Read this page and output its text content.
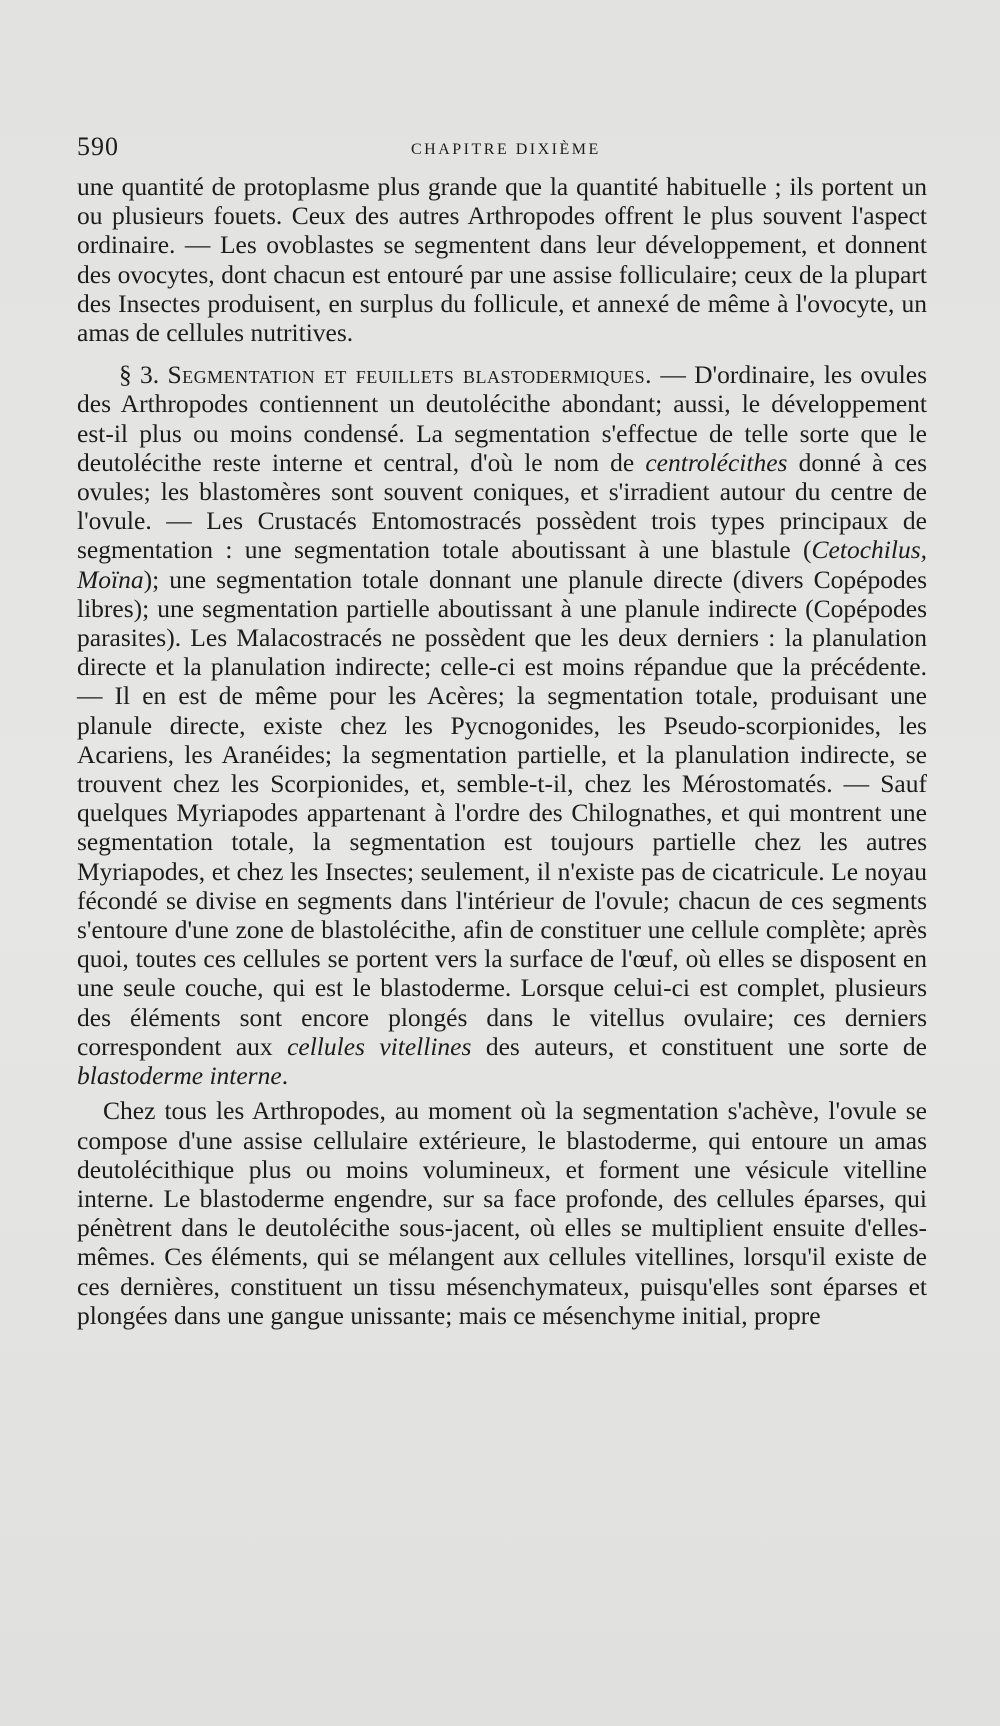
590	CHAPITRE DIXIÈME

une quantité de protoplasme plus grande que la quantité habituelle ; ils portent un ou plusieurs fouets. Ceux des autres Arthropodes offrent le plus souvent l'aspect ordinaire. — Les ovoblastes se segmentent dans leur développement, et donnent des ovocytes, dont chacun est entouré par une assise folliculaire; ceux de la plupart des Insectes produisent, en surplus du follicule, et annexé de même à l'ovocyte, un amas de cellules nutritives.

§ 3. Segmentation et feuillets blastodermiques. — D'ordinaire, les ovules des Arthropodes contiennent un deutolécithe abondant; aussi, le développement est-il plus ou moins condensé. La segmentation s'effectue de telle sorte que le deutolécithe reste interne et central, d'où le nom de centrolécithes donné à ces ovules; les blastomères sont souvent coniques, et s'irradient autour du centre de l'ovule. — Les Crustacés Entomostracés possèdent trois types principaux de segmentation : une segmentation totale aboutissant à une blastule (Cetochilus, Moïna); une segmentation totale donnant une planule directe (divers Copépodes libres); une segmentation partielle aboutissant à une planule indirecte (Copépodes parasites). Les Malacostracés ne possèdent que les deux derniers : la planulation directe et la planulation indirecte; celle-ci est moins répandue que la précédente. — Il en est de même pour les Acères; la segmentation totale, produisant une planule directe, existe chez les Pycnogonides, les Pseudo-scorpionides, les Acariens, les Aranéides; la segmentation partielle, et la planulation indirecte, se trouvent chez les Scorpionides, et, semble-t-il, chez les Mérostomatés. — Sauf quelques Myriapodes appartenant à l'ordre des Chilognathes, et qui montrent une segmentation totale, la segmentation est toujours partielle chez les autres Myriapodes, et chez les Insectes; seulement, il n'existe pas de cicatricule. Le noyau fécondé se divise en segments dans l'intérieur de l'ovule; chacun de ces segments s'entoure d'une zone de blastolécithe, afin de constituer une cellule complète; après quoi, toutes ces cellules se portent vers la surface de l'œuf, où elles se disposent en une seule couche, qui est le blastoderme. Lorsque celui-ci est complet, plusieurs des éléments sont encore plongés dans le vitellus ovulaire; ces derniers correspondent aux cellules vitellines des auteurs, et constituent une sorte de blastoderme interne.

Chez tous les Arthropodes, au moment où la segmentation s'achève, l'ovule se compose d'une assise cellulaire extérieure, le blastoderme, qui entoure un amas deutolécithique plus ou moins volumineux, et forment une vésicule vitelline interne. Le blastoderme engendre, sur sa face profonde, des cellules éparses, qui pénètrent dans le deutolécithe sous-jacent, où elles se multiplient ensuite d'elles-mêmes. Ces éléments, qui se mélangent aux cellules vitellines, lorsqu'il existe de ces dernières, constituent un tissu mésenchymateux, puisqu'elles sont éparses et plongées dans une gangue unissante; mais ce mésenchyme initial, propre
